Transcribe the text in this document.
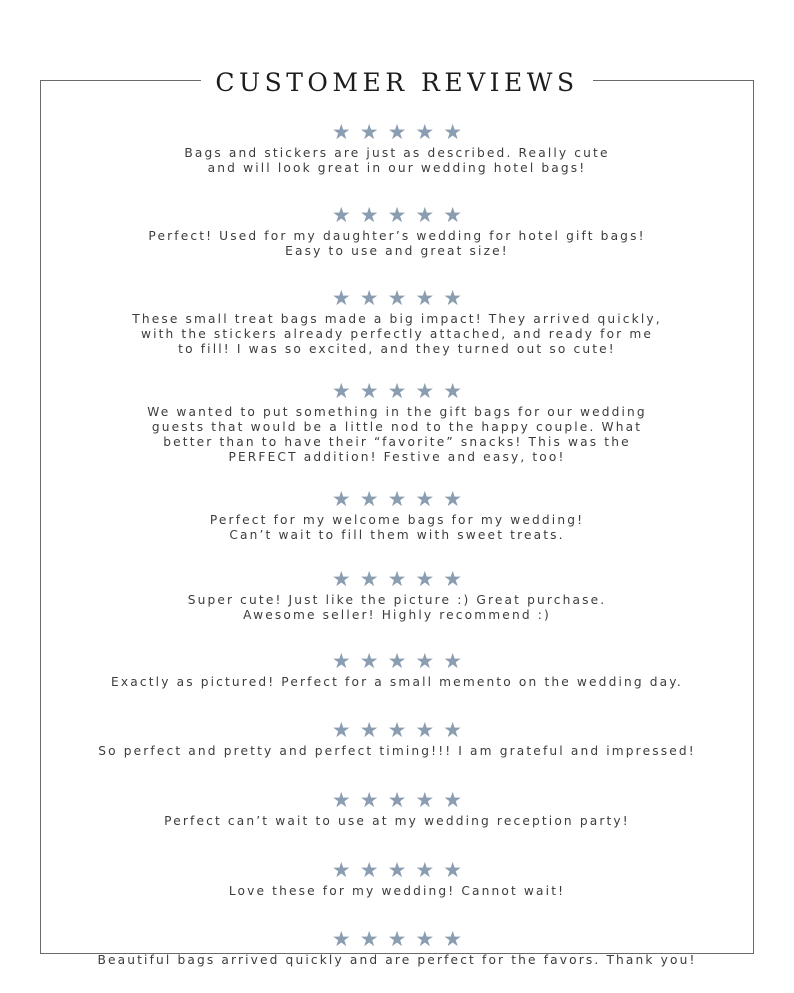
CUSTOMER REVIEWS
★★★★★

Bags and stickers are just as described. Really cute
and will look great in our wedding hotel bags!

★★★★★

Perfect! Used for my daughter’s wedding for hotel gift bags!
Easy to use and great size!

★★★★★

These small treat bags made a big impact! They arrived quickly,
with the stickers already perfectly attached, and ready for me
to fill! I was so excited, and they turned out so cute!

★★★★★

We wanted to put something in the gift bags for our wedding
guests that would be a little nod to the happy couple. What
better than to have their “favorite” snacks! This was the
PERFECT addition! Festive and easy, too!

★★★★★

Perfect for my welcome bags for my wedding!
Can’t wait to fill them with sweet treats.

★★★★★

Super cute! Just like the picture :) Great purchase.
Awesome seller! Highly recommend :)

★★★★★

Exactly as pictured! Perfect for a small memento on the wedding day.

★★★★★

So perfect and pretty and perfect timing!!! I am grateful and impressed!

★★★★★

Perfect can’t wait to use at my wedding reception party!

★★★★★

Love these for my wedding! Cannot wait!

★★★★★

Beautiful bags arrived quickly and are perfect for the favors. Thank you!
